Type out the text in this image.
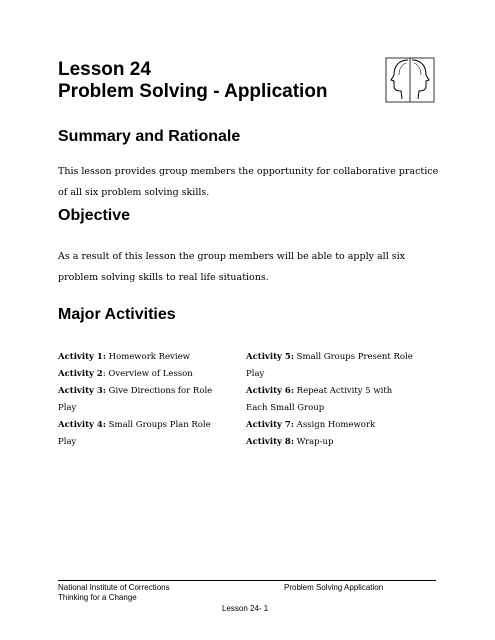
Lesson 24
Problem Solving - Application
Summary and Rationale
This lesson provides group members the opportunity for collaborative practice
of all six problem solving skills.
Objective
As a result of this lesson the group members will be able to apply all six
problem solving skills to real life situations.
Major Activities
Activity 1: Homework Review
Activity 2: Overview of Lesson
Activity 3: Give Directions for Role
Play
Activity 4: Small Groups Plan Role
Play
Activity 5: Small Groups Present Role
Play
Activity 6: Repeat Activity 5 with
Each Small Group
Activity 7: Assign Homework
Activity 8: Wrap-up
National Institute of Corrections
Thinking for a Change
Problem Solving Application
Lesson 24- 1
